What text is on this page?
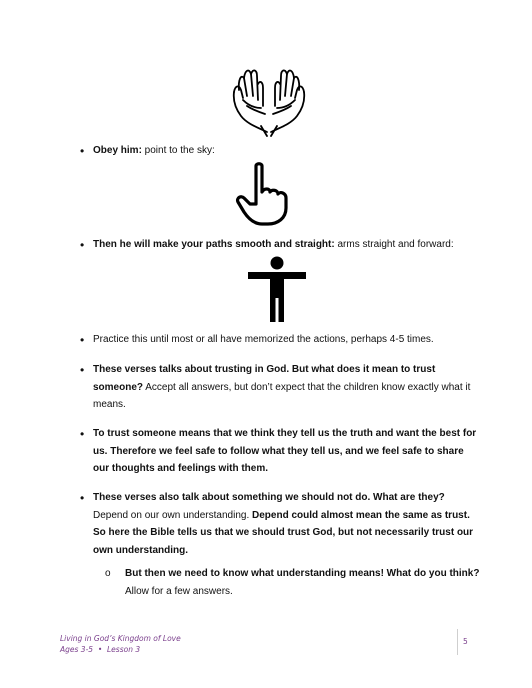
• Obey him: point to the sky:
• Then he will make your paths smooth and straight: arms straight and forward:
• Practice this until most or all have memorized the actions, perhaps 4-5 times.
• These verses talks about trusting in God. But what does it mean to trust someone? Accept all answers, but don’t expect that the children know exactly what it means.
• To trust someone means that we think they tell us the truth and want the best for us. Therefore we feel safe to follow what they tell us, and we feel safe to share our thoughts and feelings with them.
• These verses also talk about something we should not do. What are they? Depend on our own understanding. Depend could almost mean the same as trust. So here the Bible tells us that we should trust God, but not necessarily trust our own understanding.
o	But then we need to know what understanding means! What do you think? Allow for a few answers.
Living in God’s Kingdom of Love
Ages 3-5  •  Lesson 3
5
